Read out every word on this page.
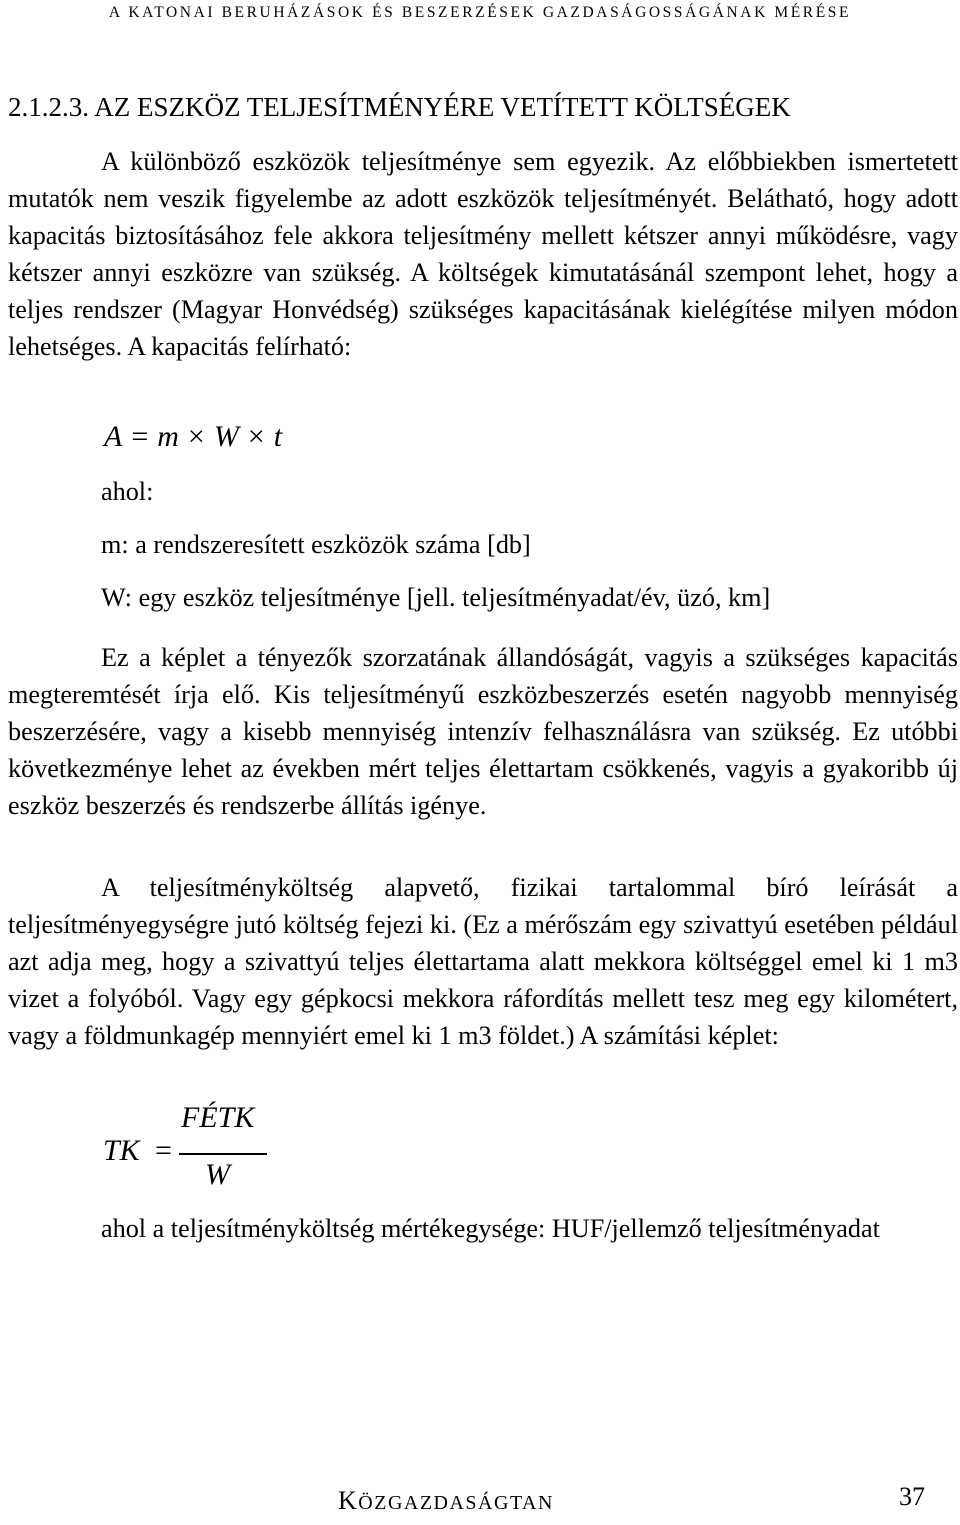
A KATONAI BERUHÁZÁSOK ÉS BESZERZÉSEK GAZDASÁGOSSÁGÁNAK MÉRÉSE
2.1.2.3. AZ ESZKÖZ TELJESÍTMÉNYÉRE VETÍTETT KÖLTSÉGEK

A különböző eszközök teljesítménye sem egyezik. Az előbbiekben ismertetett mutatók nem veszik figyelembe az adott eszközök teljesítményét. Belátható, hogy adott kapacitás biztosításához fele akkora teljesítmény mellett kétszer annyi működésre, vagy kétszer annyi eszközre van szükség. A költségek kimutatásánál szempont lehet, hogy a teljes rendszer (Magyar Honvédség) szükséges kapacitásának kielégítése milyen módon lehetséges. A kapacitás felírható:

A = m × W × t
ahol:
m: a rendszeresített eszközök száma [db]
W: egy eszköz teljesítménye [jell. teljesítményadat/év, üzó, km]

Ez a képlet a tényezők szorzatának állandóságát, vagyis a szükséges kapacitás megteremtését írja elő. Kis teljesítményű eszközbeszerzés esetén nagyobb mennyiség beszerzésére, vagy a kisebb mennyiség intenzív felhasználásra van szükség. Ez utóbbi következménye lehet az években mért teljes élettartam csökkenés, vagyis a gyakoribb új eszköz beszerzés és rendszerbe állítás igénye.

A teljesítményköltség alapvető, fizikai tartalommal bíró leírását a teljesítményegységre jutó költség fejezi ki. (Ez a mérőszám egy szivattyú esetében például azt adja meg, hogy a szivattyú teljes élettartama alatt mekkora költséggel emel ki 1 m3 vizet a folyóból. Vagy egy gépkocsi mekkora ráfordítás mellett tesz meg egy kilométert, vagy a földmunkagép mennyiért emel ki 1 m3 földet.) A számítási képlet:

TK =
FÉTK
W

ahol a teljesítményköltség mértékegysége: HUF/jellemző teljesítményadat

KÖZGAZDASÁGTAN	37
